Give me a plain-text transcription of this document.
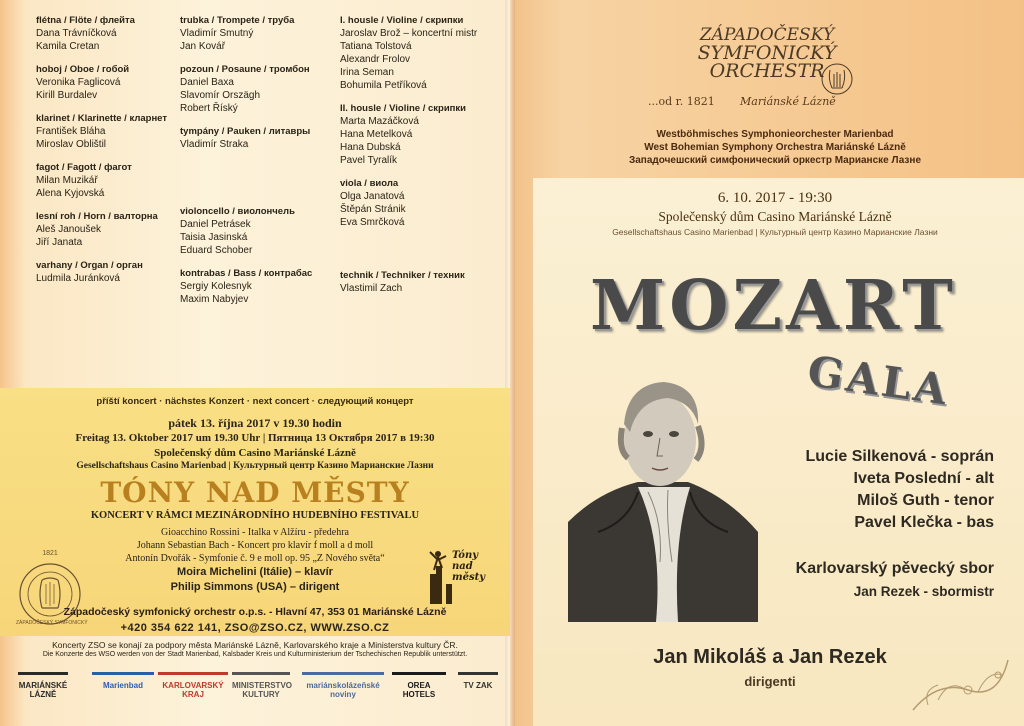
flétna / Flöte / флейта
Dana Trávníčková
Kamila Cretan
hoboj / Oboe / гобой
Veronika Faglicová
Kirill Burdalev
klarinet / Klarinette / кларнет
František Bláha
Miroslav Oblištil
fagot / Fagott / фагот
Milan Muzikář
Alena Kyjovská
lesní roh / Horn / валторна
Aleš Janoušek
Jiří Janata
varhany / Organ / орган
Ludmila Juránková
trubka / Trompete / труба
Vladimír Smutný
Jan Kovář
pozoun / Posaune / тромбон
Daniel Baxa
Slavomír Orszägh
Robert Říský
tympány / Pauken / литавры
Vladimír Straka
violoncello / виолончель
Daniel Petrásek
Taisia Jasinská
Eduard Schober
kontrabas / Bass / контрабас
Sergiy Kolesnyk
Maxim Nabyjev
I. housle / Violine / скрипки
Jaroslav Brož – koncertní mistr
Tatiana Tolstová
Alexandr Frolov
Irina Seman
Bohumila Petříková
II. housle / Violine / скрипки
Marta Mazáčková
Hana Metelková
Hana Dubská
Pavel Tyralík
viola / виола
Olga Janatová
Štěpán Stránik
Eva Smrčková
technik / Techniker / техник
Vlastimil Zach
příští koncert · nächstes Konzert · next concert · следующий концерт
pátek 13. října 2017 v 19.30 hodin
Freitag 13. Oktober 2017 um 19.30 Uhr | Пятница 13 Октября 2017 в 19:30
Společenský dům Casino Mariánské Lázně
Gesellschaftshaus Casino Marienbad | Культурный центр Казино Марианские Лазни
TÓNY NAD MĚSTY
KONCERT V RÁMCI MEZINÁRODNÍHO HUDEBNÍHO FESTIVALU
Gioacchino Rossini - Italka v Alžíru - předehra
Johann Sebastian Bach - Koncert pro klavír f moll a d moll
Antonín Dvořák - Symfonie č. 9 e moll op. 95 „Z Nového světa“
Moira Michelini (Itálie) – klavír
Philip Simmons (USA) – dirigent
Tóny nad městy
1821
ZÁPADOČESKÝ SYMFONICKÝ
Západočeský symfonický orchestr o.p.s. - Hlavní 47, 353 01 Mariánské Lázně
+420 354 622 141, ZSO@ZSO.CZ, WWW.ZSO.CZ
Koncerty ZSO se konají za podpory města Mariánské Lázně, Karlovarského kraje a Ministerstva kultury ČR.
Die Konzerte des WSO werden von der Stadt Marienbad, Kalsbader Kreis und Kulturministerium der Tschechischen Republik unterstützt.
MARIÁNSKÉ LÁZNĚ
Marienbad	KARLOVARSKÝ KRAJ
MINISTERSTVO KULTURY
mariánskolázeňské noviny
OREA HOTELS
TV ZAK
ZÁPADOČESKÝ
SYMFONICKÝ
ORCHESTR
...od r. 1821 Mariánské Lázně
Westböhmisches Symphonieorchester Marienbad
West Bohemian Symphony Orchestra Mariánské Lázně
Западочешский симфонический оркестр Марианске Лазне
6. 10. 2017 - 19:30
Společenský dům Casino Mariánské Lázně
Gesellschaftshaus Casino Marienbad | Культурный центр Казино Марианские Лазни
MOZART
GALA
Lucie Silkenová - soprán
Iveta Poslední - alt
Miloš Guth - tenor
Pavel Klečka - bas
Karlovarský pěvecký sbor
Jan Rezek - sbormistr
Jan Mikoláš a Jan Rezek
dirigenti
